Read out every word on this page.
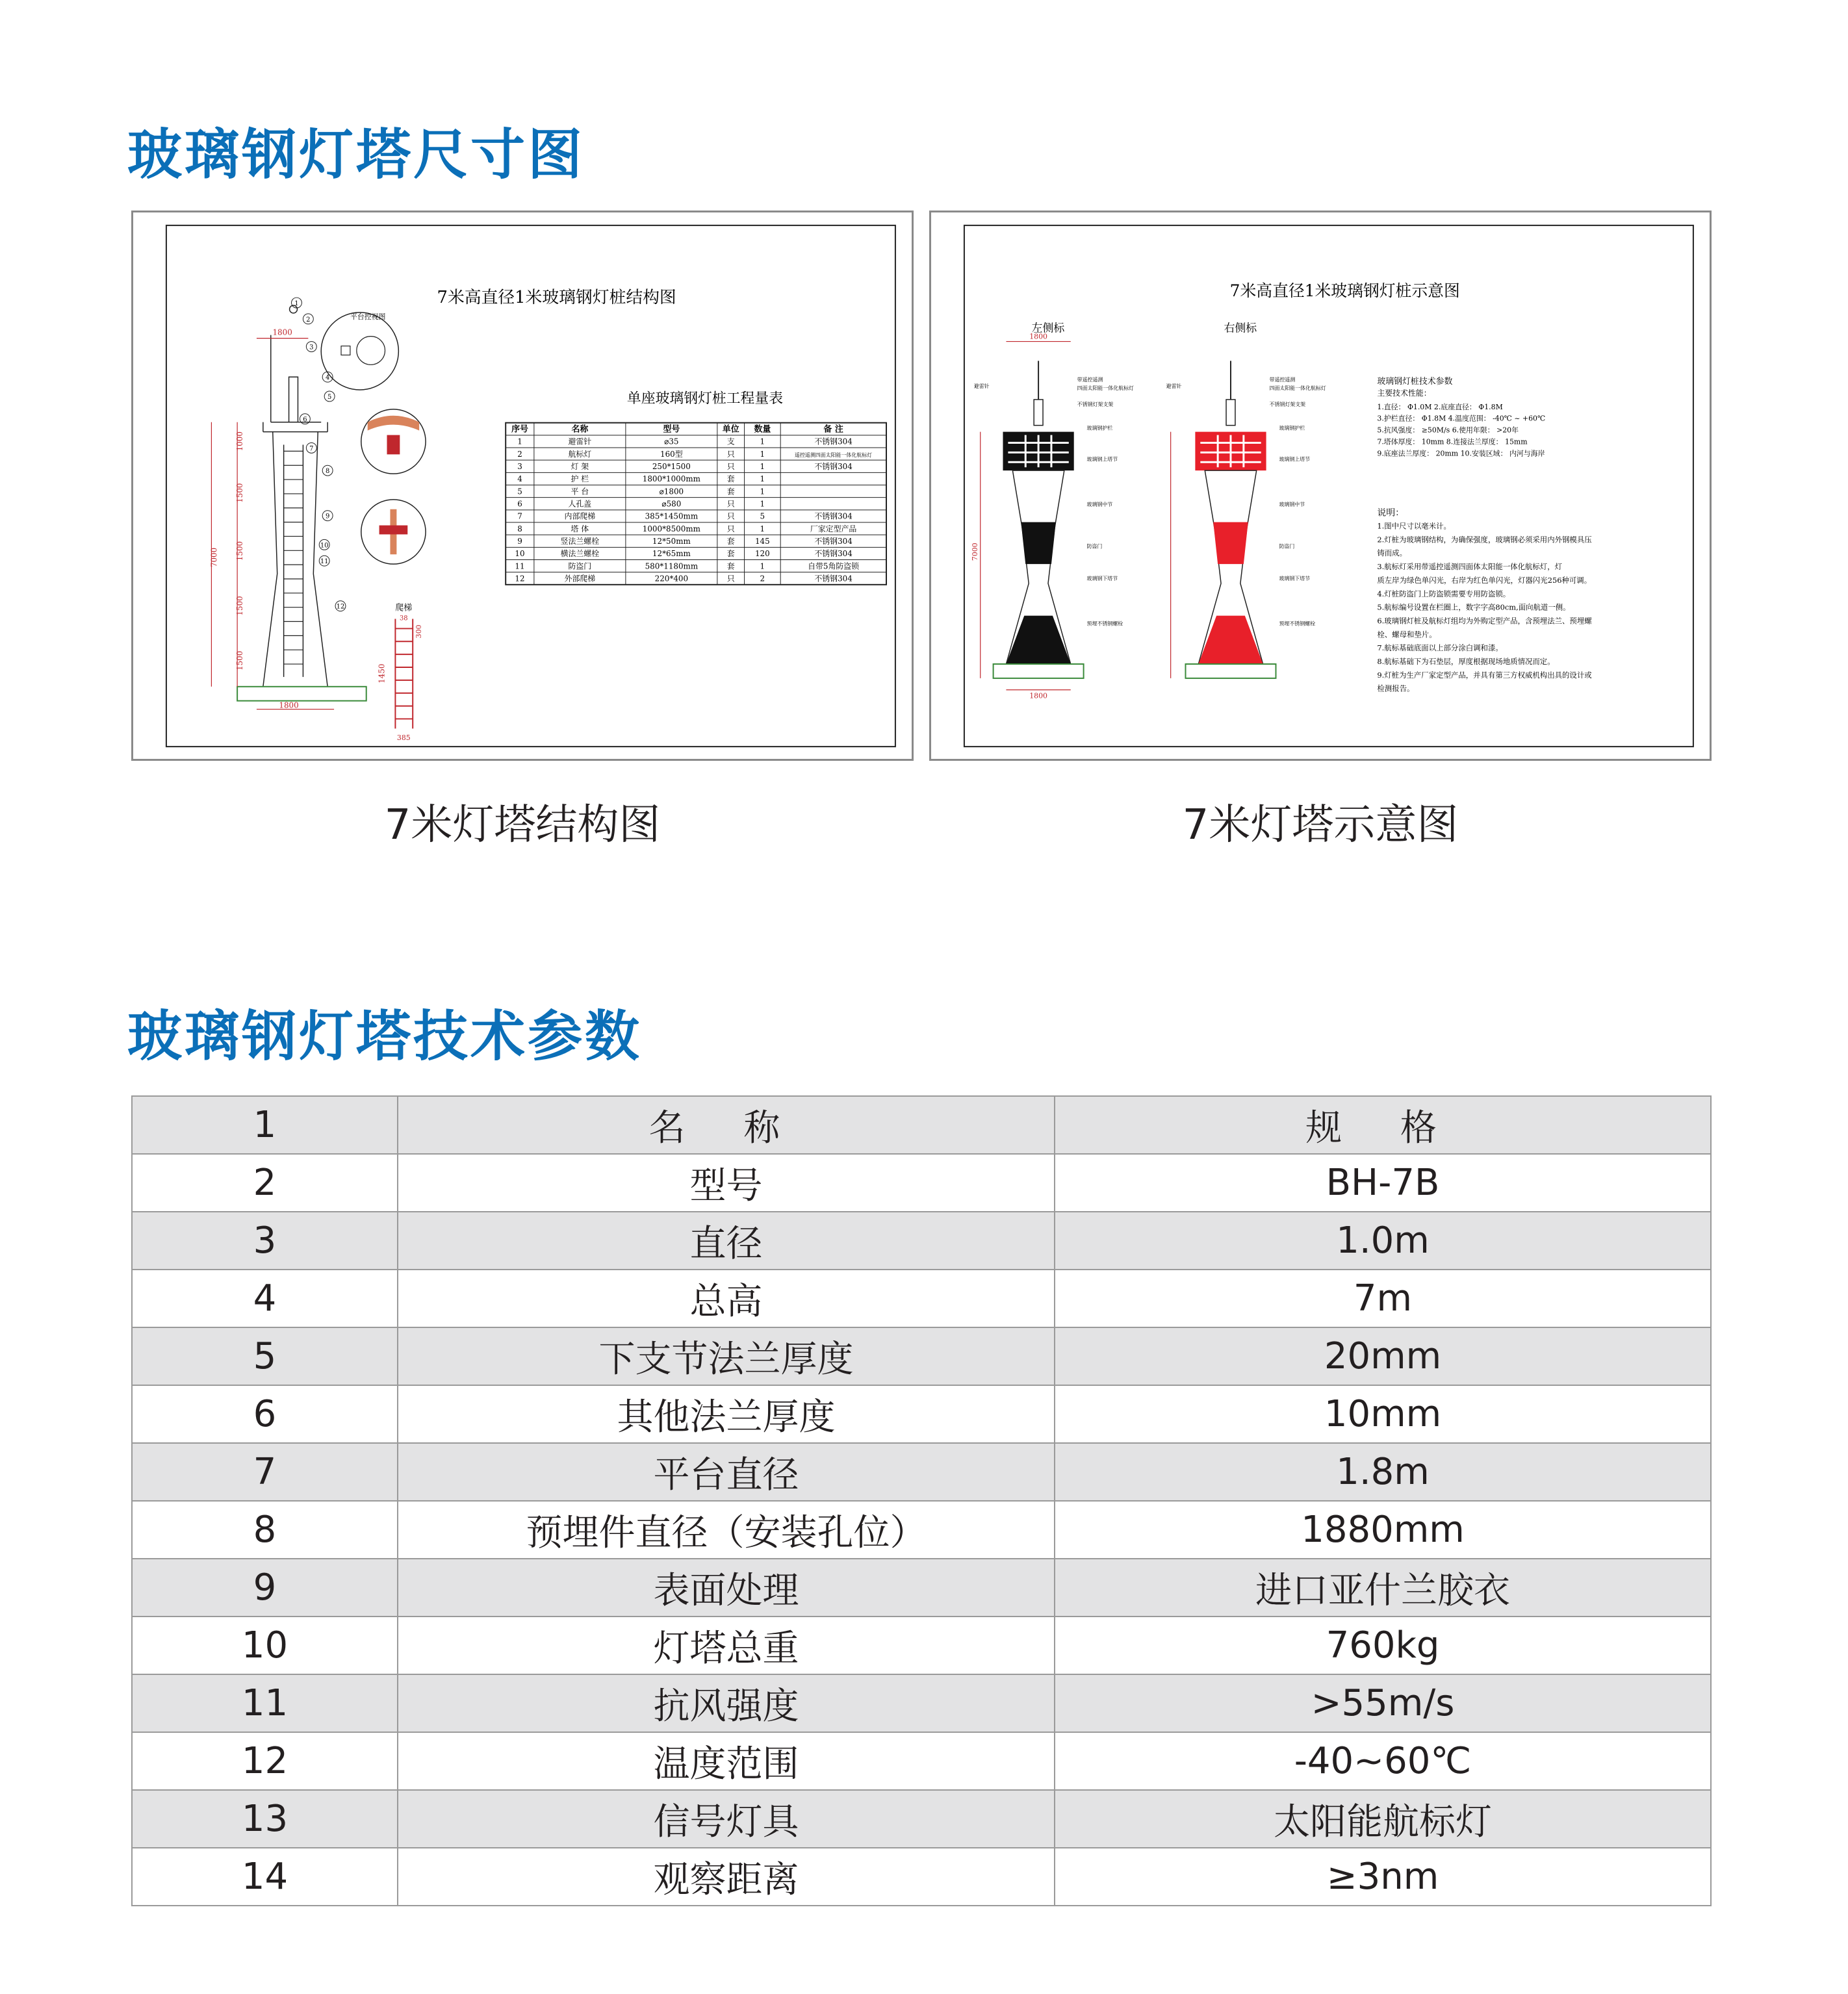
玻璃钢灯塔尺寸图
7米高直径1米玻璃钢灯桩结构图
单座玻璃钢灯桩工程量表
序号	名称	型号	单位 数量	备 注
1	避雷针	⌀35	支	1	不锈钢304
2	航标灯	160型	只	1	遥控遥测四面太阳能一体化航标灯
3	灯 架	250*1500	只	1	不锈钢304
4	护 栏	1800*1000mm	套	1
5	平 台	⌀1800	套	1
6	人孔盖	⌀580	只	1
7	内部爬梯	385*1450mm	只	5	不锈钢304
8	塔 体	1000*8500mm	只	1	厂家定型产品
9	竖法兰螺栓	12*50mm	套	145	不锈钢304
10	横法兰螺栓	12*65mm	套	120	不锈钢304
11	防盗门	580*1180mm	套	1	自带5角防盗锁
12	外部爬梯	220*400	只	2	不锈钢304
1800
1000
1500
1500
1500
1500
7000
1800
1
2
3
4
5
6
7
8
9
10
11
12
平台控视图
爬梯
1450
385
300
38
7米高直径1米玻璃钢灯桩示意图
左侧标	右侧标
1800
1800
7000
避雷针
带遥控遥测
四面太阳能一体化航标灯
不锈钢灯架支架
玻璃钢护栏
玻璃钢上塔节
玻璃钢中节
防盗门
玻璃钢下塔节
预埋不锈钢螺栓
避雷针
带遥控遥测
四面太阳能一体化航标灯
不锈钢灯架支架
玻璃钢护栏
玻璃钢上塔节
玻璃钢中节
防盗门
玻璃钢下塔节
预埋不锈钢螺栓
玻璃钢灯桩技术参数
主要技术性能：
1.直径： Φ1.0M 2.底座直径： Φ1.8M
3.护栏直径： Φ1.8M 4.温度范围： -40℃ ~ +60℃
5.抗风强度： ≥50M/s 6.使用年限： >20年
7.塔体厚度： 10mm 8.连接法兰厚度： 15mm
9.底座法兰厚度： 20mm 10.安装区域： 内河与海岸
说明：
1.图中尺寸以毫米计。
2.灯桩为玻璃钢结构，为确保强度，玻璃钢必须采用内外钢模具压
铸而成。
3.航标灯采用带遥控遥测四面体太阳能一体化航标灯，灯
质左岸为绿色单闪光，右岸为红色单闪光，灯器闪光256种可调。
4.灯桩防盗门上防盗锁需要专用防盗锁。
5.航标编号设置在栏圈上，数字字高80cm,面向航道一侧。
6.玻璃钢灯桩及航标灯组均为外购定型产品，含预埋法兰、预埋螺
栓、螺母和垫片。
7.航标基础底面以上部分涂白调和漆。
8.航标基础下为石垫层，厚度根据现场地质情况而定。
9.灯桩为生产厂家定型产品，并具有第三方权威机构出具的设计或
检测报告。
7米灯塔结构图	7米灯塔示意图
玻璃钢灯塔技术参数
1	名 称	规 格
2	型号	BH-7B
3	直径	1.0m
4	总高	7m
5	下支节法兰厚度	20mm
6	其他法兰厚度	10mm
7	平台直径	1.8m
8	预埋件直径（安装孔位）	1880mm
9	表面处理	进口亚什兰胶衣
10	灯塔总重	760kg
11	抗风强度	>55m/s
12	温度范围	-40~60℃
13	信号灯具	太阳能航标灯
14	观察距离	≥3nm
